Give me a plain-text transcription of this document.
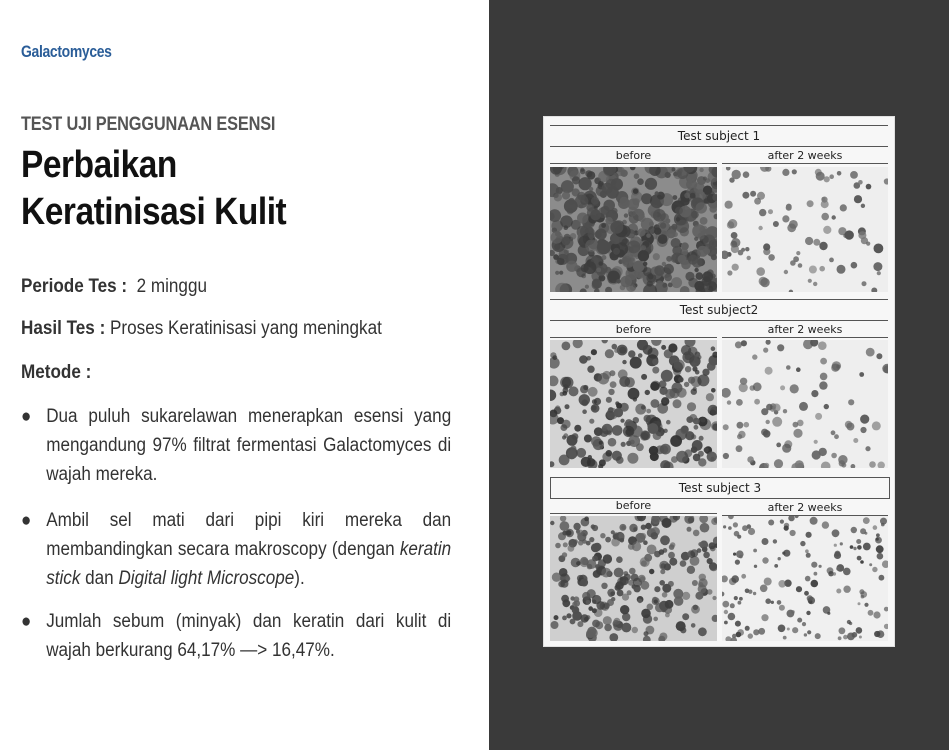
Galactomyces
TEST UJI PENGGUNAAN ESENSI
Perbaikan
Keratinisasi Kulit
Periode Tes : 2 minggu
Hasil Tes : Proses Keratinisasi yang meningkat
Metode :
● Dua puluh sukarelawan menerapkan esensi yang mengandung 97% filtrat fermentasi Galactomyces di wajah mereka.
● Ambil sel mati dari pipi kiri mereka dan membandingkan secara makroscopy (dengan keratin stick dan Digital light Microscope).
● Jumlah sebum (minyak) dan keratin dari kulit di wajah berkurang 64,17% —> 16,47%.
Test subject 1
before	after 2 weeks
Test subject2
before	after 2 weeks
Test subject 3
before	after 2 weeks
